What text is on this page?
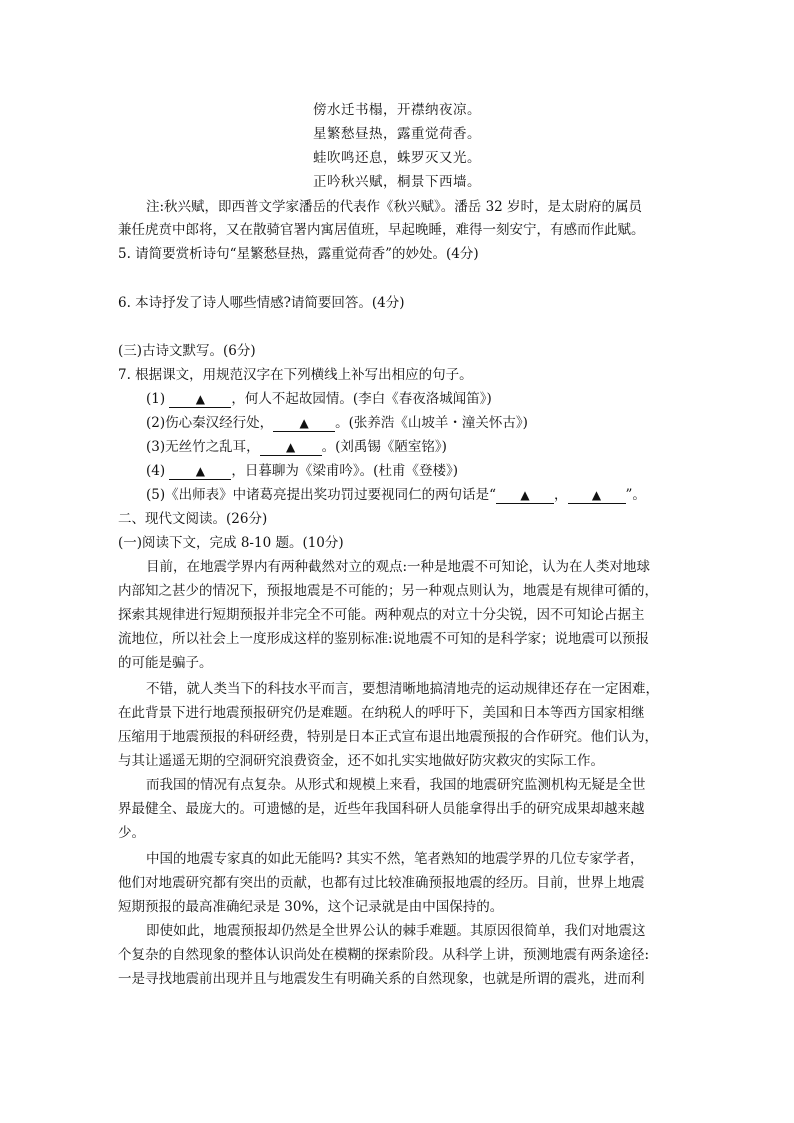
傍水迁书榻，开襟纳夜凉。
星繁愁昼热，露重觉荷香。
蛙吹鸣还息，蛛罗灭又光。
正吟秋兴赋，桐景下西墙。
注:秋兴赋，即西普文学家潘岳的代表作《秋兴赋》。潘岳 32 岁时，是太尉府的属员
兼任虎贲中郎将，又在散骑官署内寓居值班，早起晚睡，难得一刻安宁，有感而作此赋。
5. 请简要赏析诗句“星繁愁昼热，露重觉荷香”的妙处。(4分)
6. 本诗抒发了诗人哪些情感?请简要回答。(4分)
(三)古诗文默写。(6分)
7. 根据课文，用规范汉字在下列横线上补写出相应的句子。
(1)	▲ ，何人不起故园情。(李白《春夜洛城闻笛》)
(2)伤心秦汉经行处， ▲ 。(张养浩《山坡羊・潼关怀古》)
(3)无丝竹之乱耳， ▲ 。(刘禹锡《陋室铭》)
(4)	▲ ，日暮聊为《梁甫吟》。(杜甫《登楼》)
(5)《出师表》中诸葛亮提出奖功罚过要视同仁的两句话是“ ▲ ， ▲ ”。
二、现代文阅读。(26分)
(一)阅读下文，完成 8-10 题。(10分)
目前，在地震学界内有两种截然对立的观点:一种是地震不可知论，认为在人类对地球
内部知之甚少的情况下，预报地震是不可能的；另一种观点则认为，地震是有规律可循的，
探索其规律进行短期预报并非完全不可能。两种观点的对立十分尖锐，因不可知论占据主
流地位，所以社会上一度形成这样的鉴别标准:说地震不可知的是科学家；说地震可以预报
的可能是骗子。
不错，就人类当下的科技水平而言，要想清晰地搞清地壳的运动规律还存在一定困难，
在此背景下进行地震预报研究仍是难题。在纳税人的呼吁下，美国和日本等西方国家相继
压缩用于地震预报的科研经费，特别是日本正式宣布退出地震预报的合作研究。他们认为，
与其让遥遥无期的空洞研究浪费资金，还不如扎实实地做好防灾救灾的实际工作。
而我国的情况有点复杂。从形式和规模上来看，我国的地震研究监测机构无疑是全世
界最健全、最庞大的。可遗憾的是，近些年我国科研人员能拿得出手的研究成果却越来越
少。
中国的地震专家真的如此无能吗? 其实不然，笔者熟知的地震学界的几位专家学者，
他们对地震研究都有突出的贡献，也都有过比较准确预报地震的经历。目前，世界上地震
短期预报的最高准确纪录是 30%，这个记录就是由中国保持的。
即使如此，地震预报却仍然是全世界公认的棘手难题。其原因很简单，我们对地震这
个复杂的自然现象的整体认识尚处在模糊的探索阶段。从科学上讲，预测地震有两条途径:
一是寻找地震前出现并且与地震发生有明确关系的自然现象，也就是所谓的震兆，进而利
